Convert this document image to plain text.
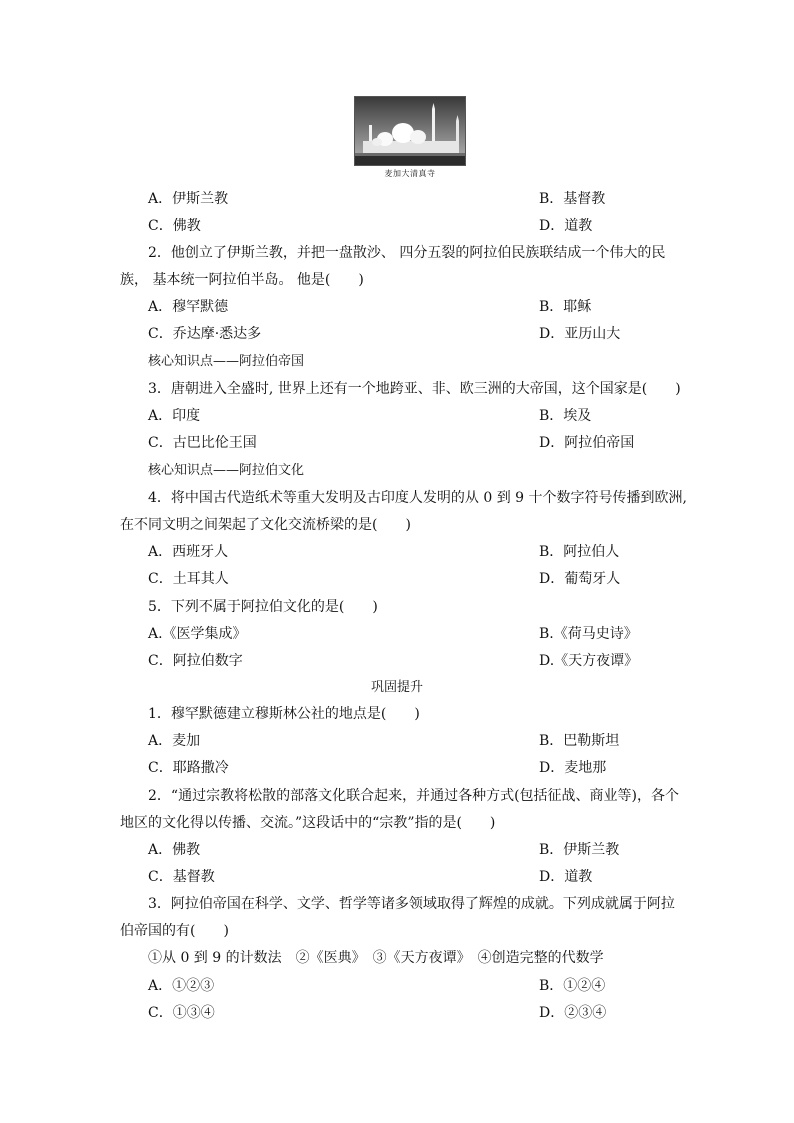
麦加大清真寺
A．伊斯兰教	B．基督教
C．佛教	D．道教
2．他创立了伊斯兰教，并把一盘散沙、 四分五裂的阿拉伯民族联结成一个伟大的民
族， 基本统一阿拉伯半岛。 他是(　　)
A．穆罕默德	B．耶稣
C．乔达摩·悉达多	D．亚历山大
核心知识点——阿拉伯帝国
3．唐朝进入全盛时, 世界上还有一个地跨亚、非、欧三洲的大帝国，这个国家是(　　)
A．印度	B．埃及
C．古巴比伦王国	D．阿拉伯帝国
核心知识点——阿拉伯文化
4．将中国古代造纸术等重大发明及古印度人发明的从 0 到 9 十个数字符号传播到欧洲,
在不同文明之间架起了文化交流桥梁的是(　　)
A．西班牙人	B．阿拉伯人
C．土耳其人	D．葡萄牙人
5．下列不属于阿拉伯文化的是(　　)
A.《医学集成》	B.《荷马史诗》
C．阿拉伯数字	D.《天方夜谭》
巩固提升
1．穆罕默德建立穆斯林公社的地点是(　　)
A．麦加	B．巴勒斯坦
C．耶路撒冷	D．麦地那
2．“通过宗教将松散的部落文化联合起来，并通过各种方式(包括征战、商业等)，各个
地区的文化得以传播、交流。”这段话中的“宗教”指的是(　　)
A．佛教	B．伊斯兰教
C．基督教	D．道教
3．阿拉伯帝国在科学、文学、哲学等诸多领域取得了辉煌的成就。下列成就属于阿拉
伯帝国的有(　　)
①从 0 到 9 的计数法　②《医典》　③《天方夜谭》　④创造完整的代数学
A．①②③	B．①②④
C．①③④	D．②③④
